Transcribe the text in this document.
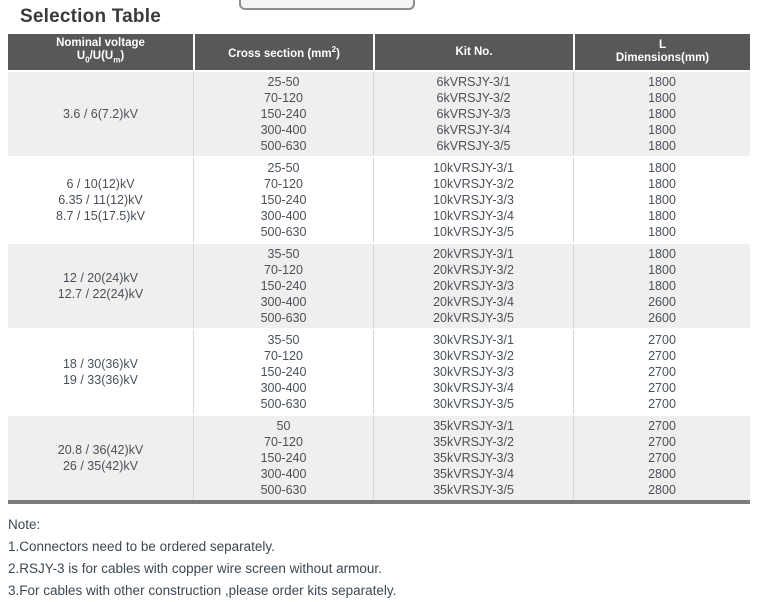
Selection Table
Nominal voltage
$U_0/U(U_m)$	Cross section $(mm^2)$	Kit No.
L
Dimensions(mm)
3.6 / 6(7.2)kV
25-50
70-120
150-240
300-400
500-630
6kVRSJY-3/1
6kVRSJY-3/2
6kVRSJY-3/3
6kVRSJY-3/4
6kVRSJY-3/5
1800
1800
1800
1800
1800
6 / 10(12)kV
6.35 / 11(12)kV
8.7 / 15(17.5)kV
25-50
70-120
150-240
300-400
500-630
10kVRSJY-3/1
10kVRSJY-3/2
10kVRSJY-3/3
10kVRSJY-3/4
10kVRSJY-3/5
1800
1800
1800
1800
1800
12 / 20(24)kV
12.7 / 22(24)kV
35-50
70-120
150-240
300-400
500-630
20kVRSJY-3/1
20kVRSJY-3/2
20kVRSJY-3/3
20kVRSJY-3/4
20kVRSJY-3/5
1800
1800
1800
2600
2600
18 / 30(36)kV
19 / 33(36)kV
35-50
70-120
150-240
300-400
500-630
30kVRSJY-3/1
30kVRSJY-3/2
30kVRSJY-3/3
30kVRSJY-3/4
30kVRSJY-3/5
2700
2700
2700
2700
2700
20.8 / 36(42)kV
26 / 35(42)kV
50
70-120
150-240
300-400
500-630
35kVRSJY-3/1
35kVRSJY-3/2
35kVRSJY-3/3
35kVRSJY-3/4
35kVRSJY-3/5
2700
2700
2700
2800
2800
Note:
1.Connectors need to be ordered separately.
2.RSJY-3 is for cables with copper wire screen without armour.
3.For cables with other construction ,please order kits separately.
